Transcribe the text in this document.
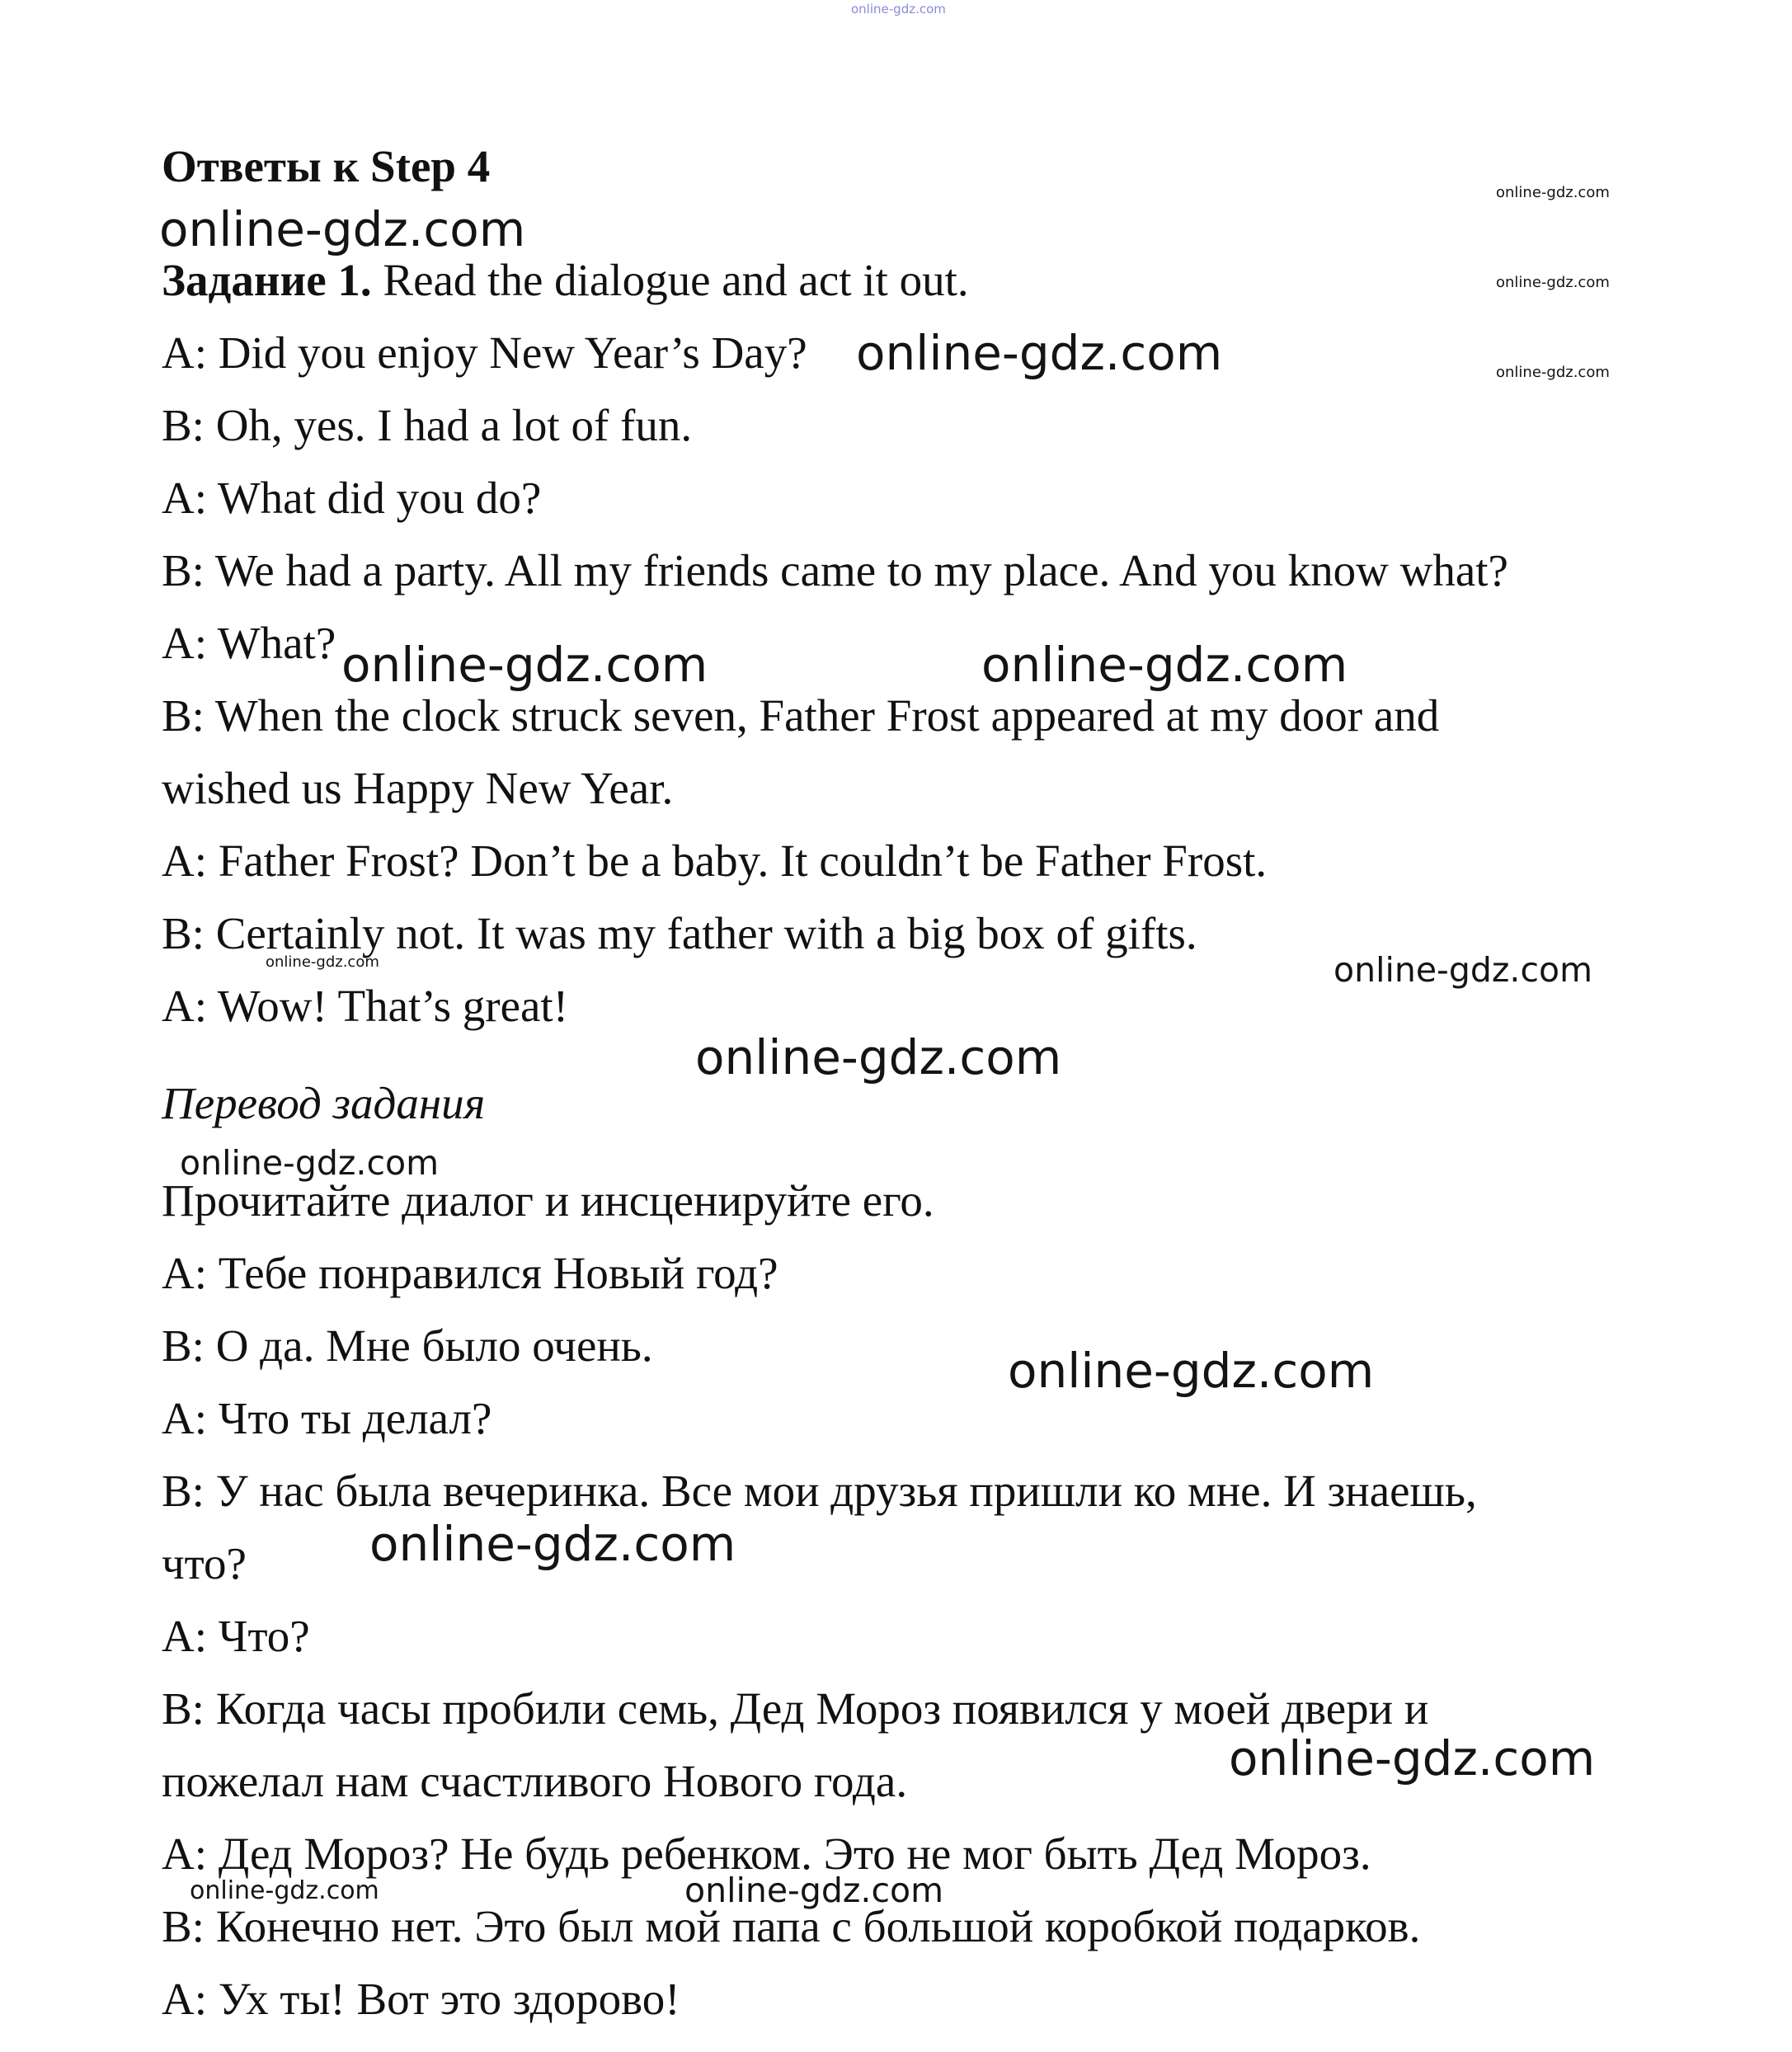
online-gdz.com
Ответы к Step 4
online-gdz.com
Задание 1. Read the dialogue and act it out.
A: Did you enjoy New Year’s Day?
B: Oh, yes. I had a lot of fun.
A: What did you do?
B: We had a party. All my friends came to my place. And you know what?
A: What?
B: When the clock struck seven, Father Frost appeared at my door and
wished us Happy New Year.
A: Father Frost? Don’t be a baby. It couldn’t be Father Frost.
B: Certainly not. It was my father with a big box of gifts.
A: Wow! That’s great!
Перевод задания
Прочитайте диалог и инсценируйте его.
А: Тебе понравился Новый год?
В: О да. Мне было очень.
А: Что ты делал?
В: У нас была вечеринка. Все мои друзья пришли ко мне. И знаешь,
что?
А: Что?
В: Когда часы пробили семь, Дед Мороз появился у моей двери и
пожелал нам счастливого Нового года.
А: Дед Мороз? Не будь ребенком. Это не мог быть Дед Мороз.
В: Конечно нет. Это был мой папа с большой коробкой подарков.
А: Ух ты! Вот это здорово!
online-gdz.com
online-gdz.com
online-gdz.com
online-gdz.com
online-gdz.com	online-gdz.com
online-gdz.com	online-gdz.com
online-gdz.com
online-gdz.com
online-gdz.com
online-gdz.com
online-gdz.com
online-gdz.com	online-gdz.com
